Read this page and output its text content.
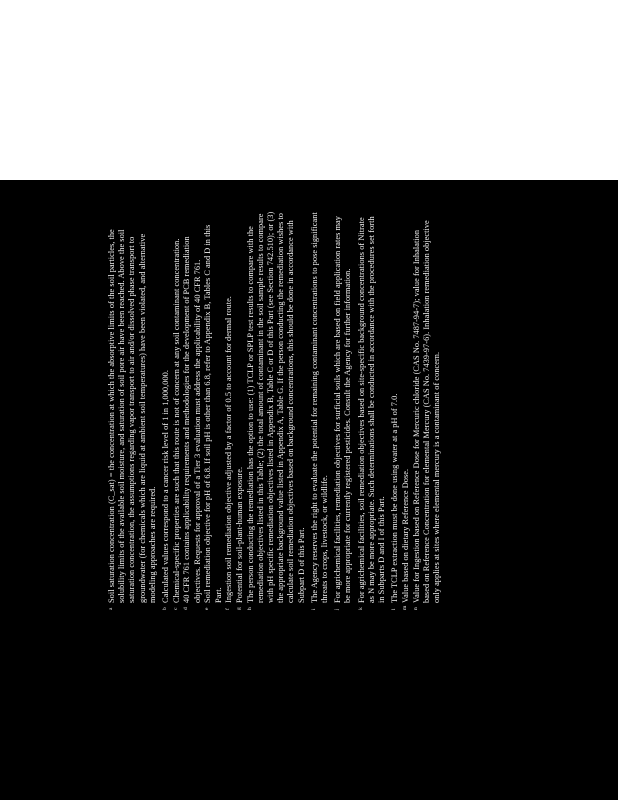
a
Soil saturation concentration (C_sat) = the concentration at which the absorptive limits of the soil particles, the solubility limits of the available soil moisture, and saturation of soil pore air have been reached. Above the soil saturation concentration, the assumptions regarding vapor transport to air and/or dissolved phase transport to groundwater (for chemicals which are liquid at ambient soil temperatures) have been violated, and alternative modeling approaches are required.
b
Calculated values correspond to a cancer risk level of 1 in 1,000,000.
c
Chemical-specific properties are such that this route is not of concern at any soil contaminant concentration.
d
40 CFR 761 contains applicability requirements and methodologies for the development of PCB remediation objectives. Requests for approval of a Tier 3 evaluation must address the applicability of 40 CFR 761.
e
Soil remediation objective for pH of 6.8. If soil pH is other than 6.8, refer to Appendix B, Tables C and D in this Part.
f
Ingestion soil remediation objective adjusted by a factor of 0.5 to account for dermal route.
g
Potential for soil-plant-human exposure.
h
The person conducting the remediation has the option to use: (1) TCLP or SPLP test results to compare with the remediation objectives listed in this Table; (2) the total amount of contaminant in the soil sample results to compare with pH specific remediation objectives listed in Appendix B, Table C or D of this Part (see Section 742.510); or (3) the appropriate background value listed in Appendix A, Table G. If the person conducting the remediation wishes to calculate soil remediation objectives based on background concentrations, this should be done in accordance with Subpart D of this Part.
i
The Agency reserves the right to evaluate the potential for remaining contaminant concentrations to pose significant threats to crops, livestock, or wildlife.
j
For agrichemical facilities, remediation objectives for surficial soils which are based on field application rates may be more appropriate for currently registered pesticides. Consult the Agency for further information.
k
For agrichemical facilities, soil remediation objectives based on site-specific background concentrations of Nitrate as N may be more appropriate. Such determinations shall be conducted in accordance with the procedures set forth in Subparts D and I of this Part.
l
The TCLP extraction must be done using water at a pH of 7.0.
m
Value based on dietary Reference Dose.
n
Value for Ingestion based on Reference Dose for Mercuric chloride (CAS No. 7487-94-7); value for Inhalation based on Reference Concentration for elemental Mercury (CAS No. 7439-97-6). Inhalation remediation objective only applies at sites where elemental mercury is a contaminant of concern.
